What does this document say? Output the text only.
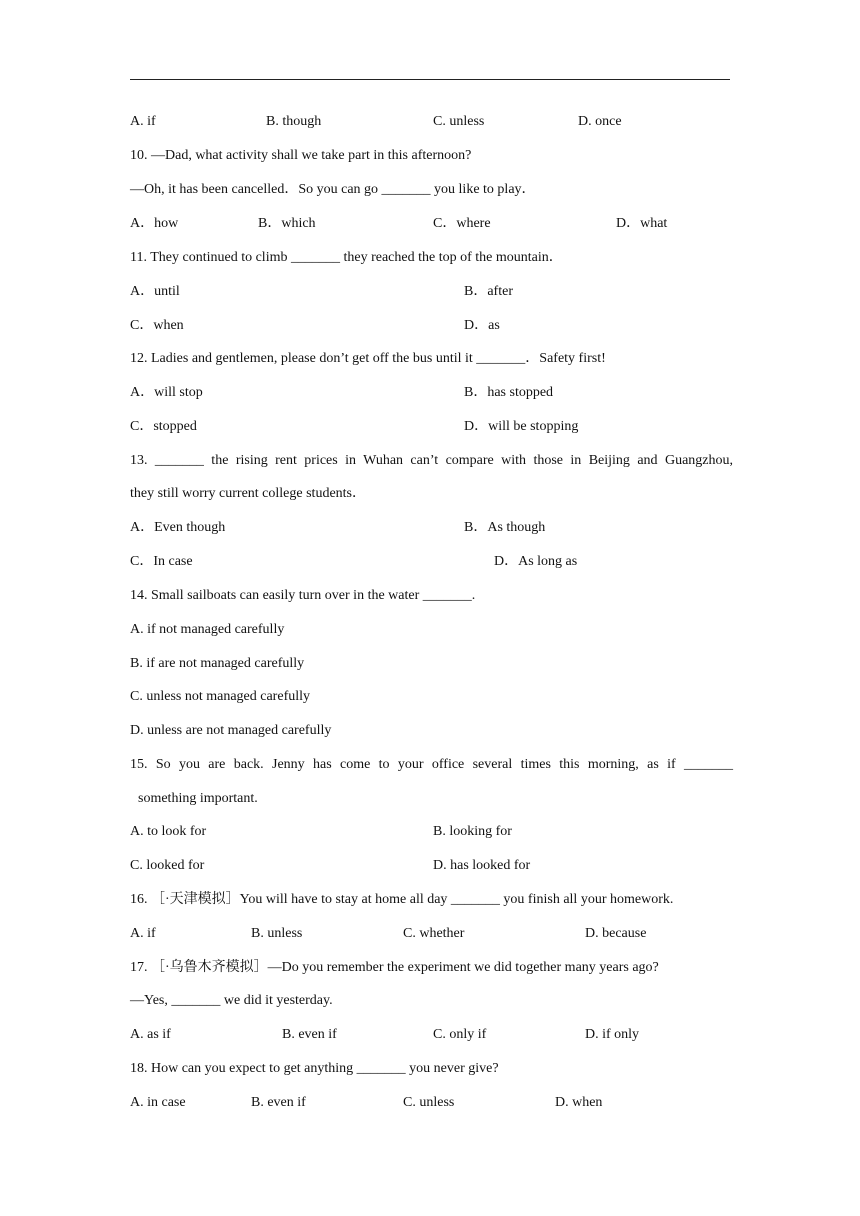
A. if	B. though	C. unless	D. once
10. —Dad, what activity shall we take part in this afternoon?
—Oh, it has been cancelled．So you can go _______ you like to play．
A．how	B．which	C．where	D．what
11. They continued to climb _______ they reached the top of the mountain．
A．until	B．after
C．when	D．as
12. Ladies and gentlemen, please don’t get off the bus until it _______．Safety first!
A．will stop	B．has stopped
C．stopped	D．will be stopping
13. _______ the rising rent prices in Wuhan can’t compare with those in Beijing and Guangzhou,
they still worry current college students．
A．Even though	B．As though
C．In case	D．As long as
14. Small sailboats can easily turn over in the water _______.
A. if not managed carefully
B. if are not managed carefully
C. unless not managed carefully
D. unless are not managed carefully
15. So you are back. Jenny has come to your office several times this morning, as if _______
something important.
A. to look for	B. looking for
C. looked for	D. has looked for
16. ［·天津模拟］You will have to stay at home all day _______ you finish all your homework.
A. if	B. unless	C. whether	D. because
17. ［·乌鲁木齐模拟］—Do you remember the experiment we did together many years ago?
—Yes, _______ we did it yesterday.
A. as if	B. even if	C. only if	D. if only
18. How can you expect to get anything _______ you never give?
A. in case	B. even if	C. unless	D. when
